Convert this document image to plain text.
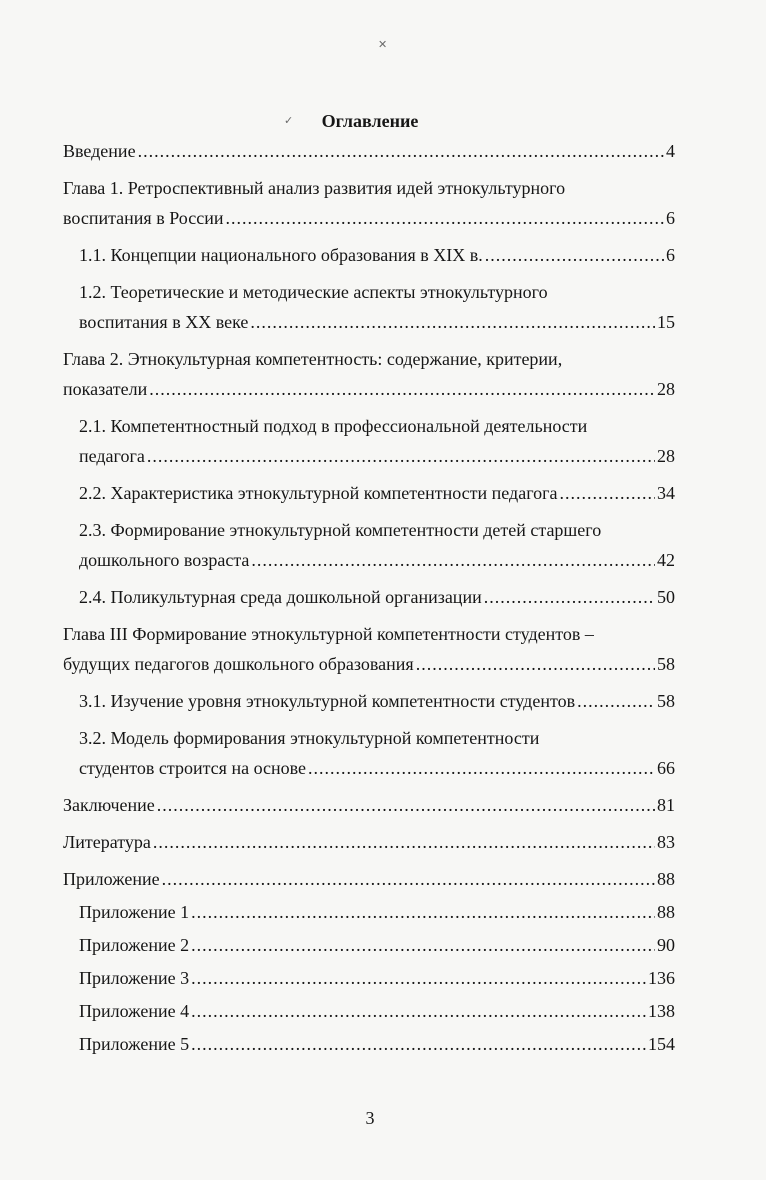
✕
✓	Оглавление
Введение .....	4
Глава 1. Ретроспективный анализ развития идей этнокультурного
воспитания в России .....	6
1.1. Концепции национального образования в XIX в. .....	6
1.2. Теоретические и методические аспекты этнокультурного
воспитания в ХХ веке .....	15
Глава 2. Этнокультурная компетентность: содержание, критерии,
показатели .....	28
2.1. Компетентностный подход в профессиональной деятельности
педагога .....	28
2.2. Характеристика этнокультурной компетентности педагога .....	34
2.3. Формирование этнокультурной компетентности детей старшего
дошкольного возраста .....	42
2.4. Поликультурная среда дошкольной организации .....	50
Глава III Формирование этнокультурной компетентности студентов –
будущих педагогов дошкольного образования .....	58
3.1. Изучение уровня этнокультурной компетентности студентов .....	58
3.2. Модель формирования этнокультурной компетентности
студентов строится на основе .....	66
Заключение .....	81
Литература .....	83
Приложение .....	88
Приложение 1 .....	88
Приложение 2 .....	90
Приложение 3 .....	136
Приложение 4 .....	138
Приложение 5 .....	154
3
